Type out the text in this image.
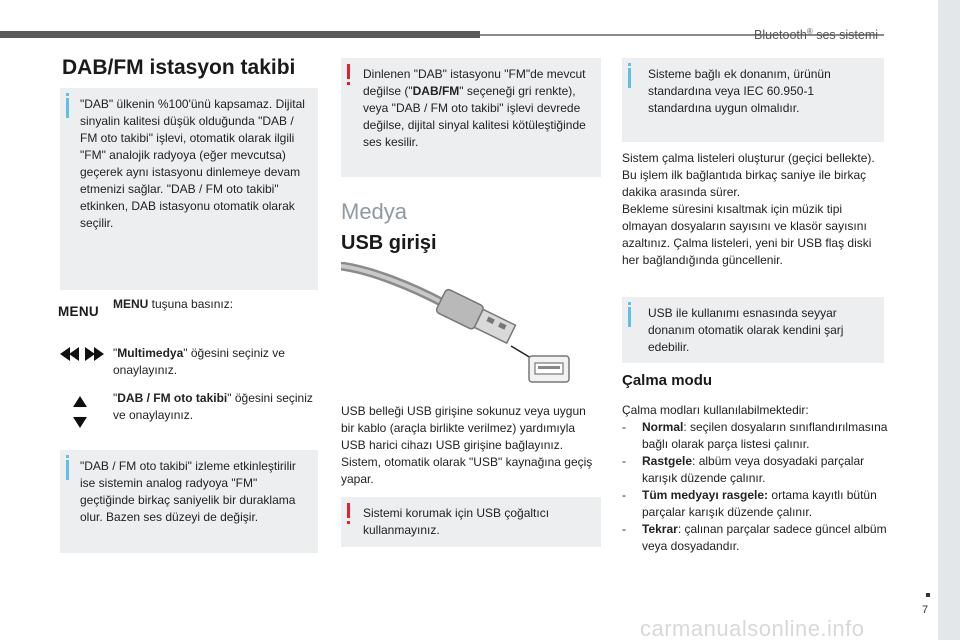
Bluetooth® ses sistemi
DAB/FM istasyon takibi

"DAB" ülkenin %100'ünü kapsamaz. Dijital sinyalin kalitesi düşük olduğunda "DAB / FM oto takibi" işlevi, otomatik olarak ilgili "FM" analojik radyoya (eğer mevcutsa) geçerek aynı istasyonu dinlemeye devam etmenizi sağlar. "DAB / FM oto takibi" etkinken, DAB istasyonu otomatik olarak seçilir.

MENU MENU tuşuna basınız:

"Multimedya" öğesini seçiniz ve onaylayınız.

"DAB / FM oto takibi" öğesini seçiniz ve onaylayınız.

"DAB / FM oto takibi" izleme etkinleştirilir ise sistemin analog radyoya "FM" geçtiğinde birkaç saniyelik bir duraklama olur. Bazen ses düzeyi de değişir.

Dinlenen "DAB" istasyonu "FM"de mevcut değilse ("DAB/FM" seçeneği gri renkte), veya "DAB / FM oto takibi" işlevi devrede değilse, dijital sinyal kalitesi kötüleştiğinde ses kesilir.

Medya
USB girişi

USB belleği USB girişine sokunuz veya uygun bir kablo (araçla birlikte verilmez) yardımıyla USB harici cihazı USB girişine bağlayınız. Sistem, otomatik olarak "USB" kaynağına geçiş yapar.

Sistemi korumak için USB çoğaltıcı kullanmayınız.

Sisteme bağlı ek donanım, ürünün standardına veya IEC 60.950-1 standardına uygun olmalıdır.

Sistem çalma listeleri oluşturur (geçici bellekte). Bu işlem ilk bağlantıda birkaç saniye ile birkaç dakika arasında sürer.

Bekleme süresini kısaltmak için müzik tipi olmayan dosyaların sayısını ve klasör sayısını azaltınız. Çalma listeleri, yeni bir USB flaş diski her bağlandığında güncellenir.

USB ile kullanımı esnasında seyyar donanım otomatik olarak kendini şarj edebilir.

Çalma modu

Çalma modları kullanılabilmektedir:

- Normal: seçilen dosyaların sınıflandırılmasına bağlı olarak parça listesi çalınır.
- Rastgele: albüm veya dosyadaki parçalar karışık düzende çalınır.
- Tüm medyayı rasgele: ortama kayıtlı bütün parçalar karışık düzende çalınır.
- Tekrar: çalınan parçalar sadece güncel albüm veya dosyadandır.
7
carmanualsonline.info
